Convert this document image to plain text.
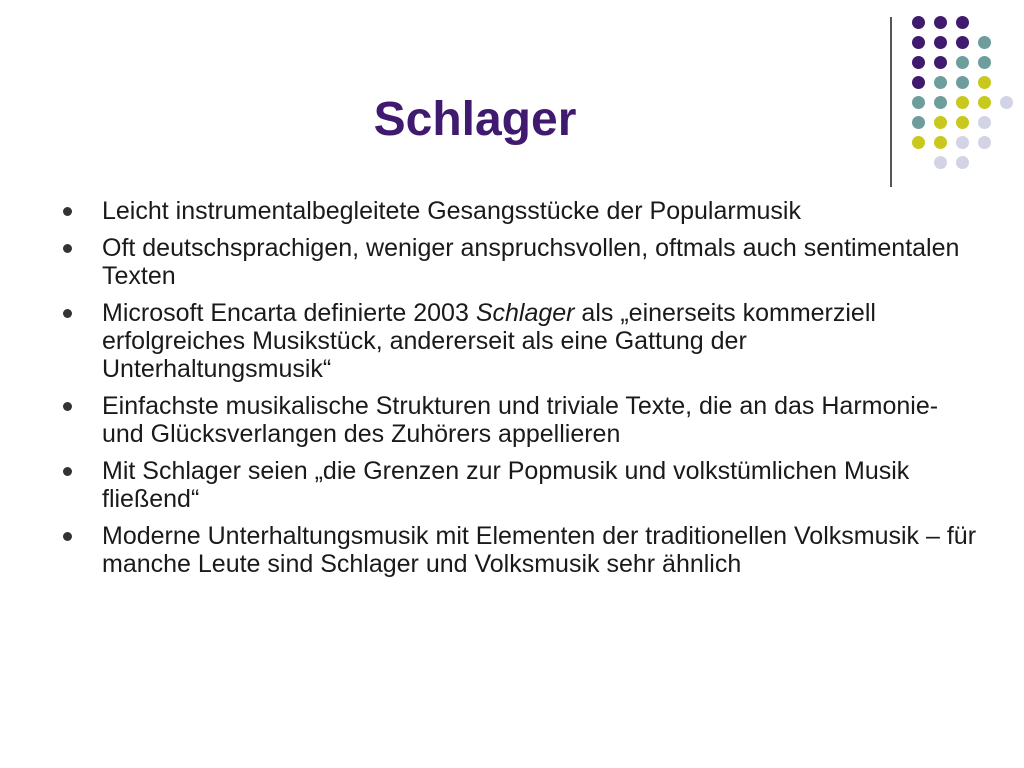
Schlager
Leicht instrumentalbegleitete Gesangsstücke der Popularmusik
Oft deutschsprachigen, weniger anspruchsvollen, oftmals auch sentimentalen Texten
Microsoft Encarta definierte 2003 Schlager als „einerseits kommerziell erfolgreiches Musikstück, andererseit als eine Gattung der Unterhaltungsmusik“
Einfachste musikalische Strukturen und triviale Texte, die an das Harmonie- und Glücksverlangen des Zuhörers appellieren
Mit Schlager seien „die Grenzen zur Popmusik und volkstümlichen Musik fließend“
Moderne Unterhaltungsmusik mit Elementen der traditionellen Volksmusik – für manche Leute sind Schlager und Volksmusik sehr ähnlich
